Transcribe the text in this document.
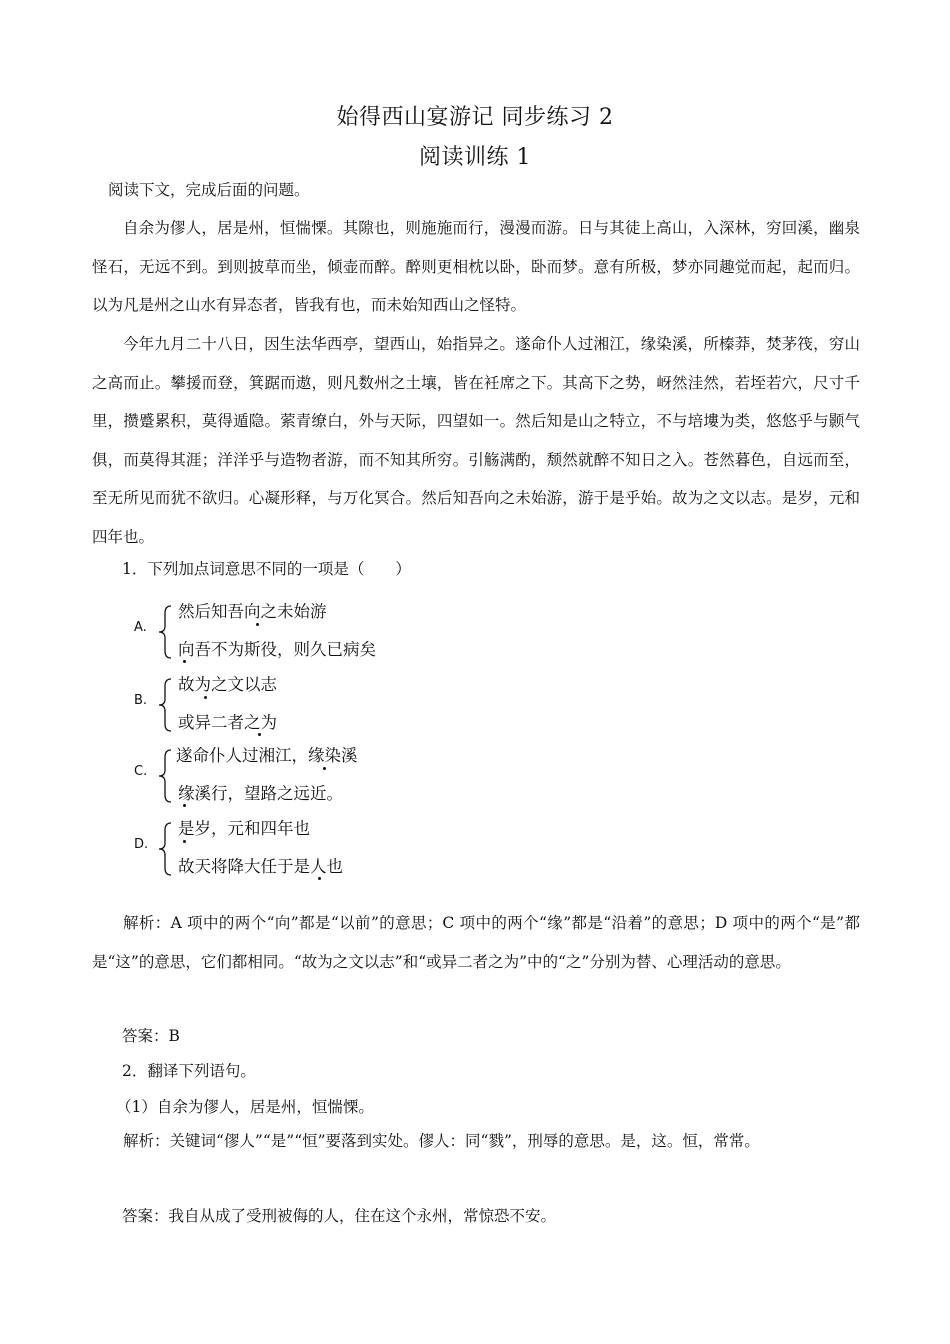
始得西山宴游记 同步练习 2
阅读训练 1
阅读下文，完成后面的问题。

自余为僇人，居是州，恒惴慄。其隙也，则施施而行，漫漫而游。日与其徒上高山，入深林，穷回溪，幽泉怪石，无远不到。到则披草而坐，倾壶而醉。醉则更相枕以卧，卧而梦。意有所极，梦亦同趣觉而起，起而归。以为凡是州之山水有异态者，皆我有也，而未始知西山之怪特。

今年九月二十八日，因生法华西亭，望西山，始指异之。遂命仆人过湘江，缘染溪，所榛莽，焚茅筏，穷山之高而止。攀援而登，箕踞而遨，则凡数州之土壤，皆在衽席之下。其高下之势，岈然洼然，若垤若穴，尺寸千里，攒蹙累积，莫得遁隐。萦青缭白，外与天际，四望如一。然后知是山之特立，不与培塿为类，悠悠乎与颢气俱，而莫得其涯；洋洋乎与造物者游，而不知其所穷。引觞满酌，颓然就醉不知日之入。苍然暮色，自远而至，至无所见而犹不欲归。心凝形释，与万化冥合。然后知吾向之未始游，游于是乎始。故为之文以志。是岁，元和四年也。

1．下列加点词意思不同的一项是（　　）
A.
然后知吾向之未始游
向吾不为斯役，则久已病矣
B.
故为之文以志
或异二者之为
C.
遂命仆人过湘江，缘染溪
缘溪行，望路之远近。
D.
是岁，元和四年也
故天将降大任于是人也

解析：A 项中的两个“向”都是“以前”的意思；C 项中的两个“缘”都是“沿着”的意思；D 项中的两个“是”都是“这”的意思，它们都相同。“故为之文以志”和“或异二者之为”中的“之”分别为替、心理活动的意思。

答案：B
2．翻译下列语句。
（1）自余为僇人，居是州，恒惴慄。

解析：关键词“僇人”“是”“恒”要落到实处。僇人：同“戮”，刑辱的意思。是，这。恒，常常。

答案：我自从成了受刑被侮的人，住在这个永州，常惊恐不安。
